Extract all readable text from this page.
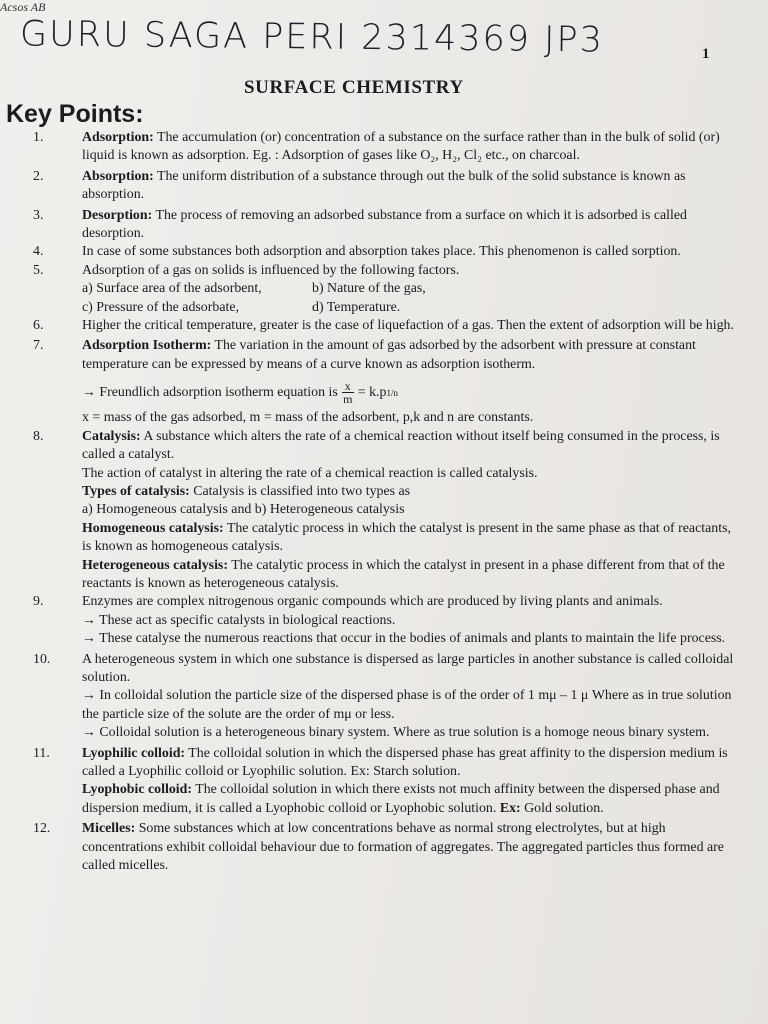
Acsos AB
GURU SAGA PERI 2314369 JP3	1
SURFACE CHEMISTRY
Key Points:
1.	Adsorption: The accumulation (or) concentration of a substance on the surface rather than in the bulk of solid (or) liquid is known as adsorption. Eg. : Adsorption of gases like O₂, H₂, Cl₂ etc., on charcoal.

2.	Absorption: The uniform distribution of a substance through out the bulk of the solid substance is known as absorption.

3.	Desorption: The process of removing an adsorbed substance from a surface on which it is adsorbed is called desorption.

4.	In case of some substances both adsorption and absorption takes place. This phenomenon is called sorption.

5.	Adsorption of a gas on solids is influenced by the following factors.

a) Surface area of the adsorbent,	b) Nature of the gas,
c) Pressure of the adsorbate,	d) Temperature.
6.	Higher the critical temperature, greater is the case of liquefaction of a gas. Then the extent of adsorption will be high.

7.	Adsorption Isotherm: The variation in the amount of gas adsorbed by the adsorbent with pressure at constant temperature can be expressed by means of a curve known as adsorption isotherm.

→ Freundlich adsorption isotherm equation is $\frac{x}{m} = k.p$ 1/n

x = mass of the gas adsorbed, m = mass of the adsorbent, p,k and n are constants.

8.	Catalysis: A substance which alters the rate of a chemical reaction without itself being consumed in the process, is called a catalyst.

The action of catalyst in altering the rate of a chemical reaction is called catalysis.

Types of catalysis: Catalysis is classified into two types as

a) Homogeneous catalysis and b) Heterogeneous catalysis

Homogeneous catalysis: The catalytic process in which the catalyst is present in the same phase as that of reactants, is known as homogeneous catalysis.

Heterogeneous catalysis: The catalytic process in which the catalyst in present in a phase different from that of the reactants is known as heterogeneous catalysis.

9.	Enzymes are complex nitrogenous organic compounds which are produced by living plants and animals.

→ These act as specific catalysts in biological reactions.

→ These catalyse the numerous reactions that occur in the bodies of animals and plants to maintain the life process.

10. A heterogeneous system in which one substance is dispersed as large particles in another substance is called colloidal solution.

→ In colloidal solution the particle size of the dispersed phase is of the order of 1 mμ – 1 μ Where as in true solution the particle size of the solute are the order of mμ or less.

→ Colloidal solution is a heterogeneous binary system. Where as true solution is a homoge neous binary system.

11. Lyophilic colloid: The colloidal solution in which the dispersed phase has great affinity to the dispersion medium is called a Lyophilic colloid or Lyophilic solution. Ex: Starch solution.

Lyophobic colloid: The colloidal solution in which there exists not much affinity between the dispersed phase and dispersion medium, it is called a Lyophobic colloid or Lyophobic solution. Ex: Gold solution.

12. Micelles: Some substances which at low concentrations behave as normal strong electrolytes, but at high concentrations exhibit colloidal behaviour due to formation of aggregates. The aggregated particles thus formed are called micelles.
